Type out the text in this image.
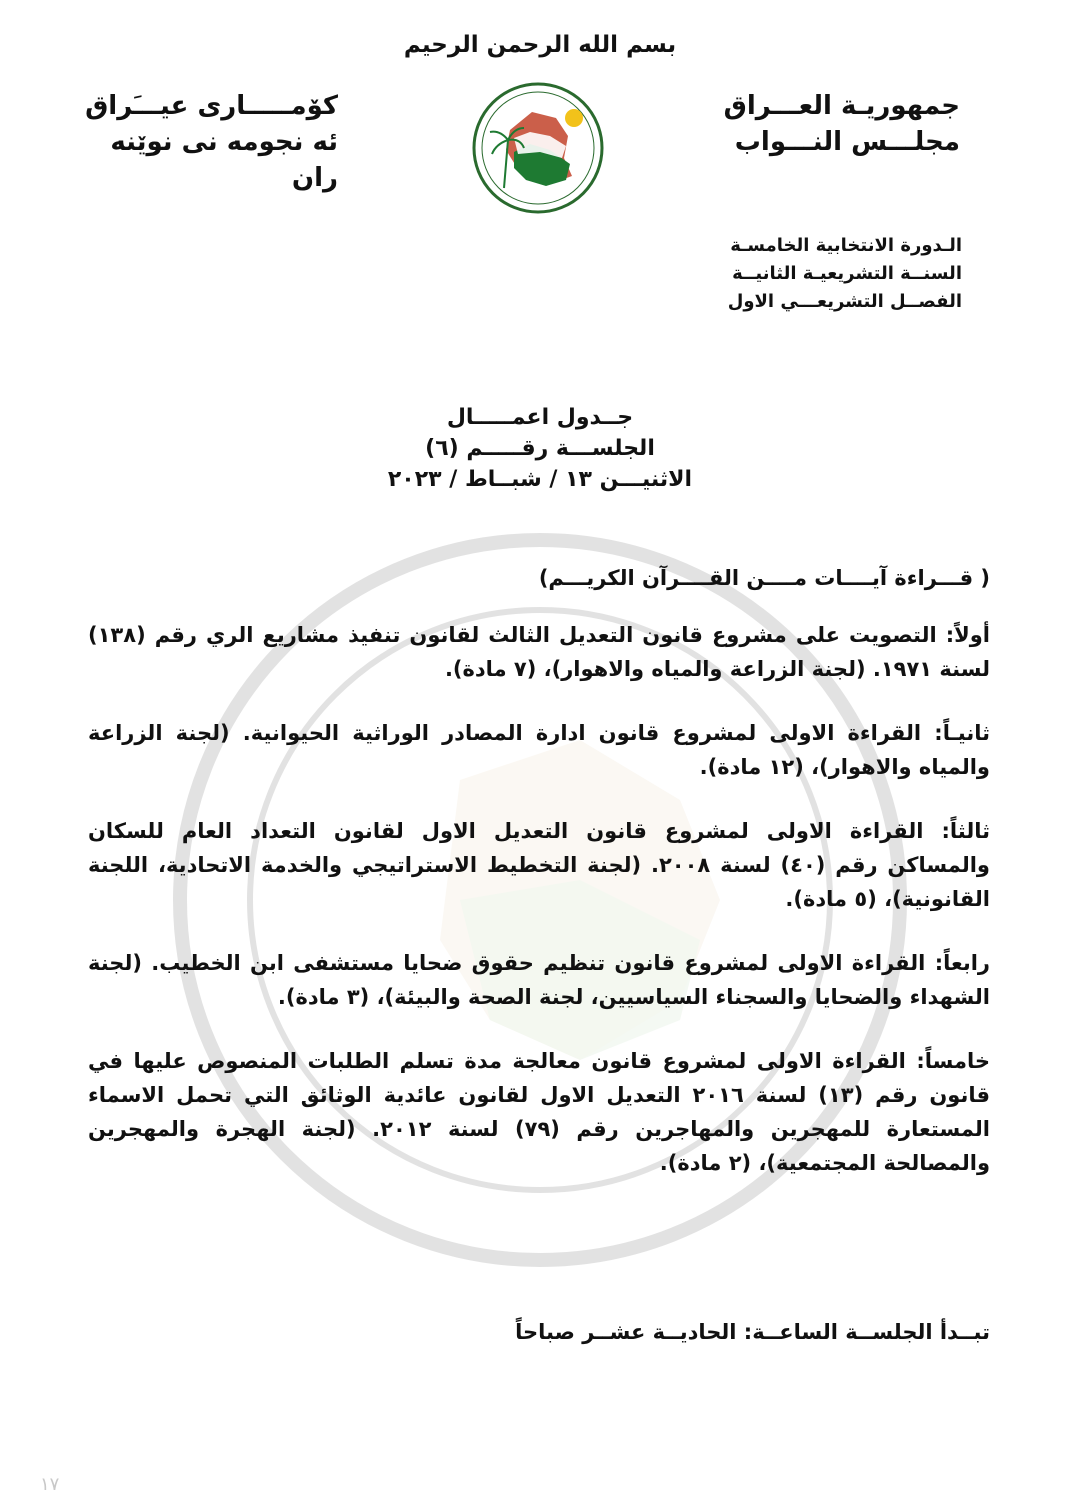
بسم الله الرحمن الرحيم
جمهوريـة العـــراق
مجلـــس النـــواب
كۆمـــــارى عيـــَراق
ئه نجومه نى نوێنه ران
الـدورة الانتخابية الخامسـة
السنــة التشريعيـة الثانيــة
الفصــل التشريعـــي الاول
جــدول اعمـــــال
الجلســـة رقـــــم (٦)
الاثنيـــن ١٣ / شبــاط / ٢٠٢٣
( قـــراءة آيــــات مــــن القــــرآن الكريـــم)

أولاً: التصويت على مشروع قانون التعديل الثالث لقانون تنفيذ مشاريع الري رقم (١٣٨) لسنة ١٩٧١. (لجنة الزراعة والمياه والاهوار)، (٧ مادة).

ثانيـاً: القراءة الاولى لمشروع قانون ادارة المصادر الوراثية الحيوانية. (لجنة الزراعة والمياه والاهوار)، (١٢ مادة).

ثالثاً: القراءة الاولى لمشروع قانون التعديل الاول لقانون التعداد العام للسكان والمساكن رقم (٤٠) لسنة ٢٠٠٨. (لجنة التخطيط الاستراتيجي والخدمة الاتحادية، اللجنة القانونية)، (٥ مادة).

رابعاً: القراءة الاولى لمشروع قانون تنظيم حقوق ضحايا مستشفى ابن الخطيب. (لجنة الشهداء والضحايا والسجناء السياسيين، لجنة الصحة والبيئة)، (٣ مادة).

خامساً: القراءة الاولى لمشروع قانون معالجة مدة تسلم الطلبات المنصوص عليها في قانون رقم (١٣) لسنة ٢٠١٦ التعديل الاول لقانون عائدية الوثائق التي تحمل الاسماء المستعارة للمهجرين والمهاجرين رقم (٧٩) لسنة ٢٠١٢. (لجنة الهجرة والمهجرين والمصالحة المجتمعية)، (٢ مادة).

تبــدأ الجلســة الساعــة: الحاديــة عشــر صباحاً
١٧
